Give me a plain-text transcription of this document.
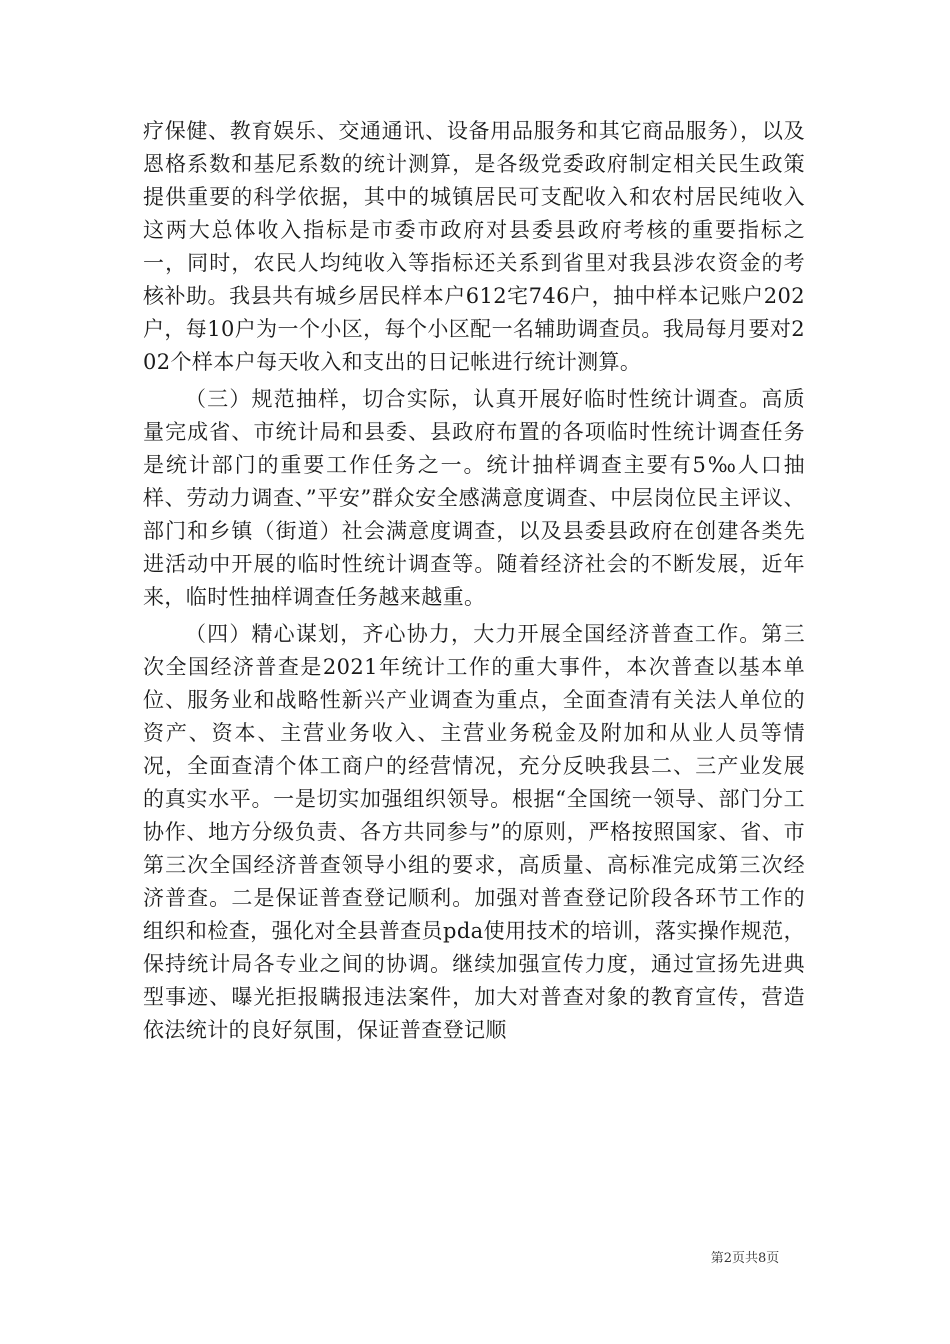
疗保健、教育娱乐、交通通讯、设备用品服务和其它商品服务），以及恩格系数和基尼系数的统计测算，是各级党委政府制定相关民生政策提供重要的科学依据，其中的城镇居民可支配收入和农村居民纯收入这两大总体收入指标是市委市政府对县委县政府考核的重要指标之一，同时，农民人均纯收入等指标还关系到省里对我县涉农资金的考核补助。我县共有城乡居民样本户612宅746户，抽中样本记账户202户，每10户为一个小区，每个小区配一名辅助调查员。我局每月要对202个样本户每天收入和支出的日记帐进行统计测算。

（三）规范抽样，切合实际，认真开展好临时性统计调查。高质量完成省、市统计局和县委、县政府布置的各项临时性统计调查任务是统计部门的重要工作任务之一。统计抽样调查主要有5‰人口抽样、劳动力调查、”平安”群众安全感满意度调查、中层岗位民主评议、部门和乡镇（街道）社会满意度调查，以及县委县政府在创建各类先进活动中开展的临时性统计调查等。随着经济社会的不断发展，近年来，临时性抽样调查任务越来越重。

（四）精心谋划，齐心协力，大力开展全国经济普查工作。第三次全国经济普查是2021年统计工作的重大事件，本次普查以基本单位、服务业和战略性新兴产业调查为重点，全面查清有关法人单位的资产、资本、主营业务收入、主营业务税金及附加和从业人员等情况，全面查清个体工商户的经营情况，充分反映我县二、三产业发展的真实水平。一是切实加强组织领导。根据“全国统一领导、部门分工协作、地方分级负责、各方共同参与”的原则，严格按照国家、省、市第三次全国经济普查领导小组的要求，高质量、高标准完成第三次经济普查。二是保证普查登记顺利。加强对普查登记阶段各环节工作的组织和检查，强化对全县普查员pda使用技术的培训，落实操作规范，保持统计局各专业之间的协调。继续加强宣传力度，通过宣扬先进典型事迹、曝光拒报瞒报违法案件，加大对普查对象的教育宣传，营造依法统计的良好氛围，保证普查登记顺

第2页共8页
